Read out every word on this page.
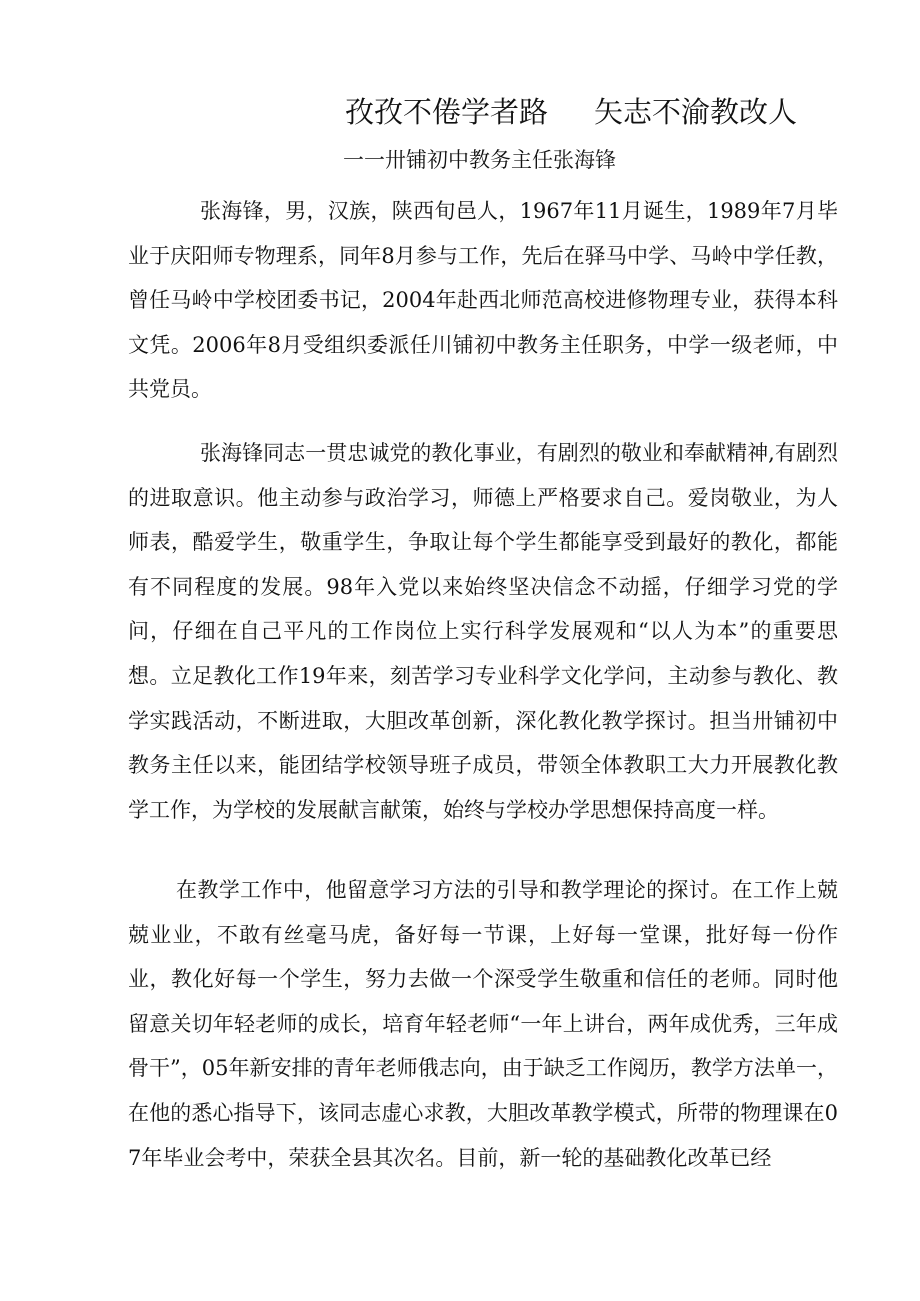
孜孜不倦学者路 矢志不渝教改人
一一卅铺初中教务主任张海锋

张海锋，男，汉族，陕西旬邑人，1967年11月诞生，1989年7月毕业于庆阳师专物理系，同年8月参与工作，先后在驿马中学、马岭中学任教，曾任马岭中学校团委书记，2004年赴西北师范高校进修物理专业，获得本科文凭。2006年8月受组织委派任川铺初中教务主任职务，中学一级老师，中共党员。

张海锋同志一贯忠诚党的教化事业，有剧烈的敬业和奉献精神,有剧烈的进取意识。他主动参与政治学习，师德上严格要求自己。爱岗敬业，为人师表，酷爱学生，敬重学生，争取让每个学生都能享受到最好的教化，都能有不同程度的发展。98年入党以来始终坚决信念不动摇，仔细学习党的学问，仔细在自己平凡的工作岗位上实行科学发展观和“以人为本”的重要思想。立足教化工作19年来，刻苦学习专业科学文化学问，主动参与教化、教学实践活动，不断进取，大胆改革创新，深化教化教学探讨。担当卅铺初中教务主任以来，能团结学校领导班子成员，带领全体教职工大力开展教化教学工作，为学校的发展献言献策，始终与学校办学思想保持高度一样。

在教学工作中，他留意学习方法的引导和教学理论的探讨。在工作上兢兢业业，不敢有丝毫马虎，备好每一节课，上好每一堂课，批好每一份作业，教化好每一个学生，努力去做一个深受学生敬重和信任的老师。同时他留意关切年轻老师的成长，培育年轻老师“一年上讲台，两年成优秀，三年成骨干”，05年新安排的青年老师俄志向，由于缺乏工作阅历，教学方法单一，在他的悉心指导下，该同志虚心求教，大胆改革教学模式，所带的物理课在07年毕业会考中，荣获全县其次名。目前，新一轮的基础教化改革已经
